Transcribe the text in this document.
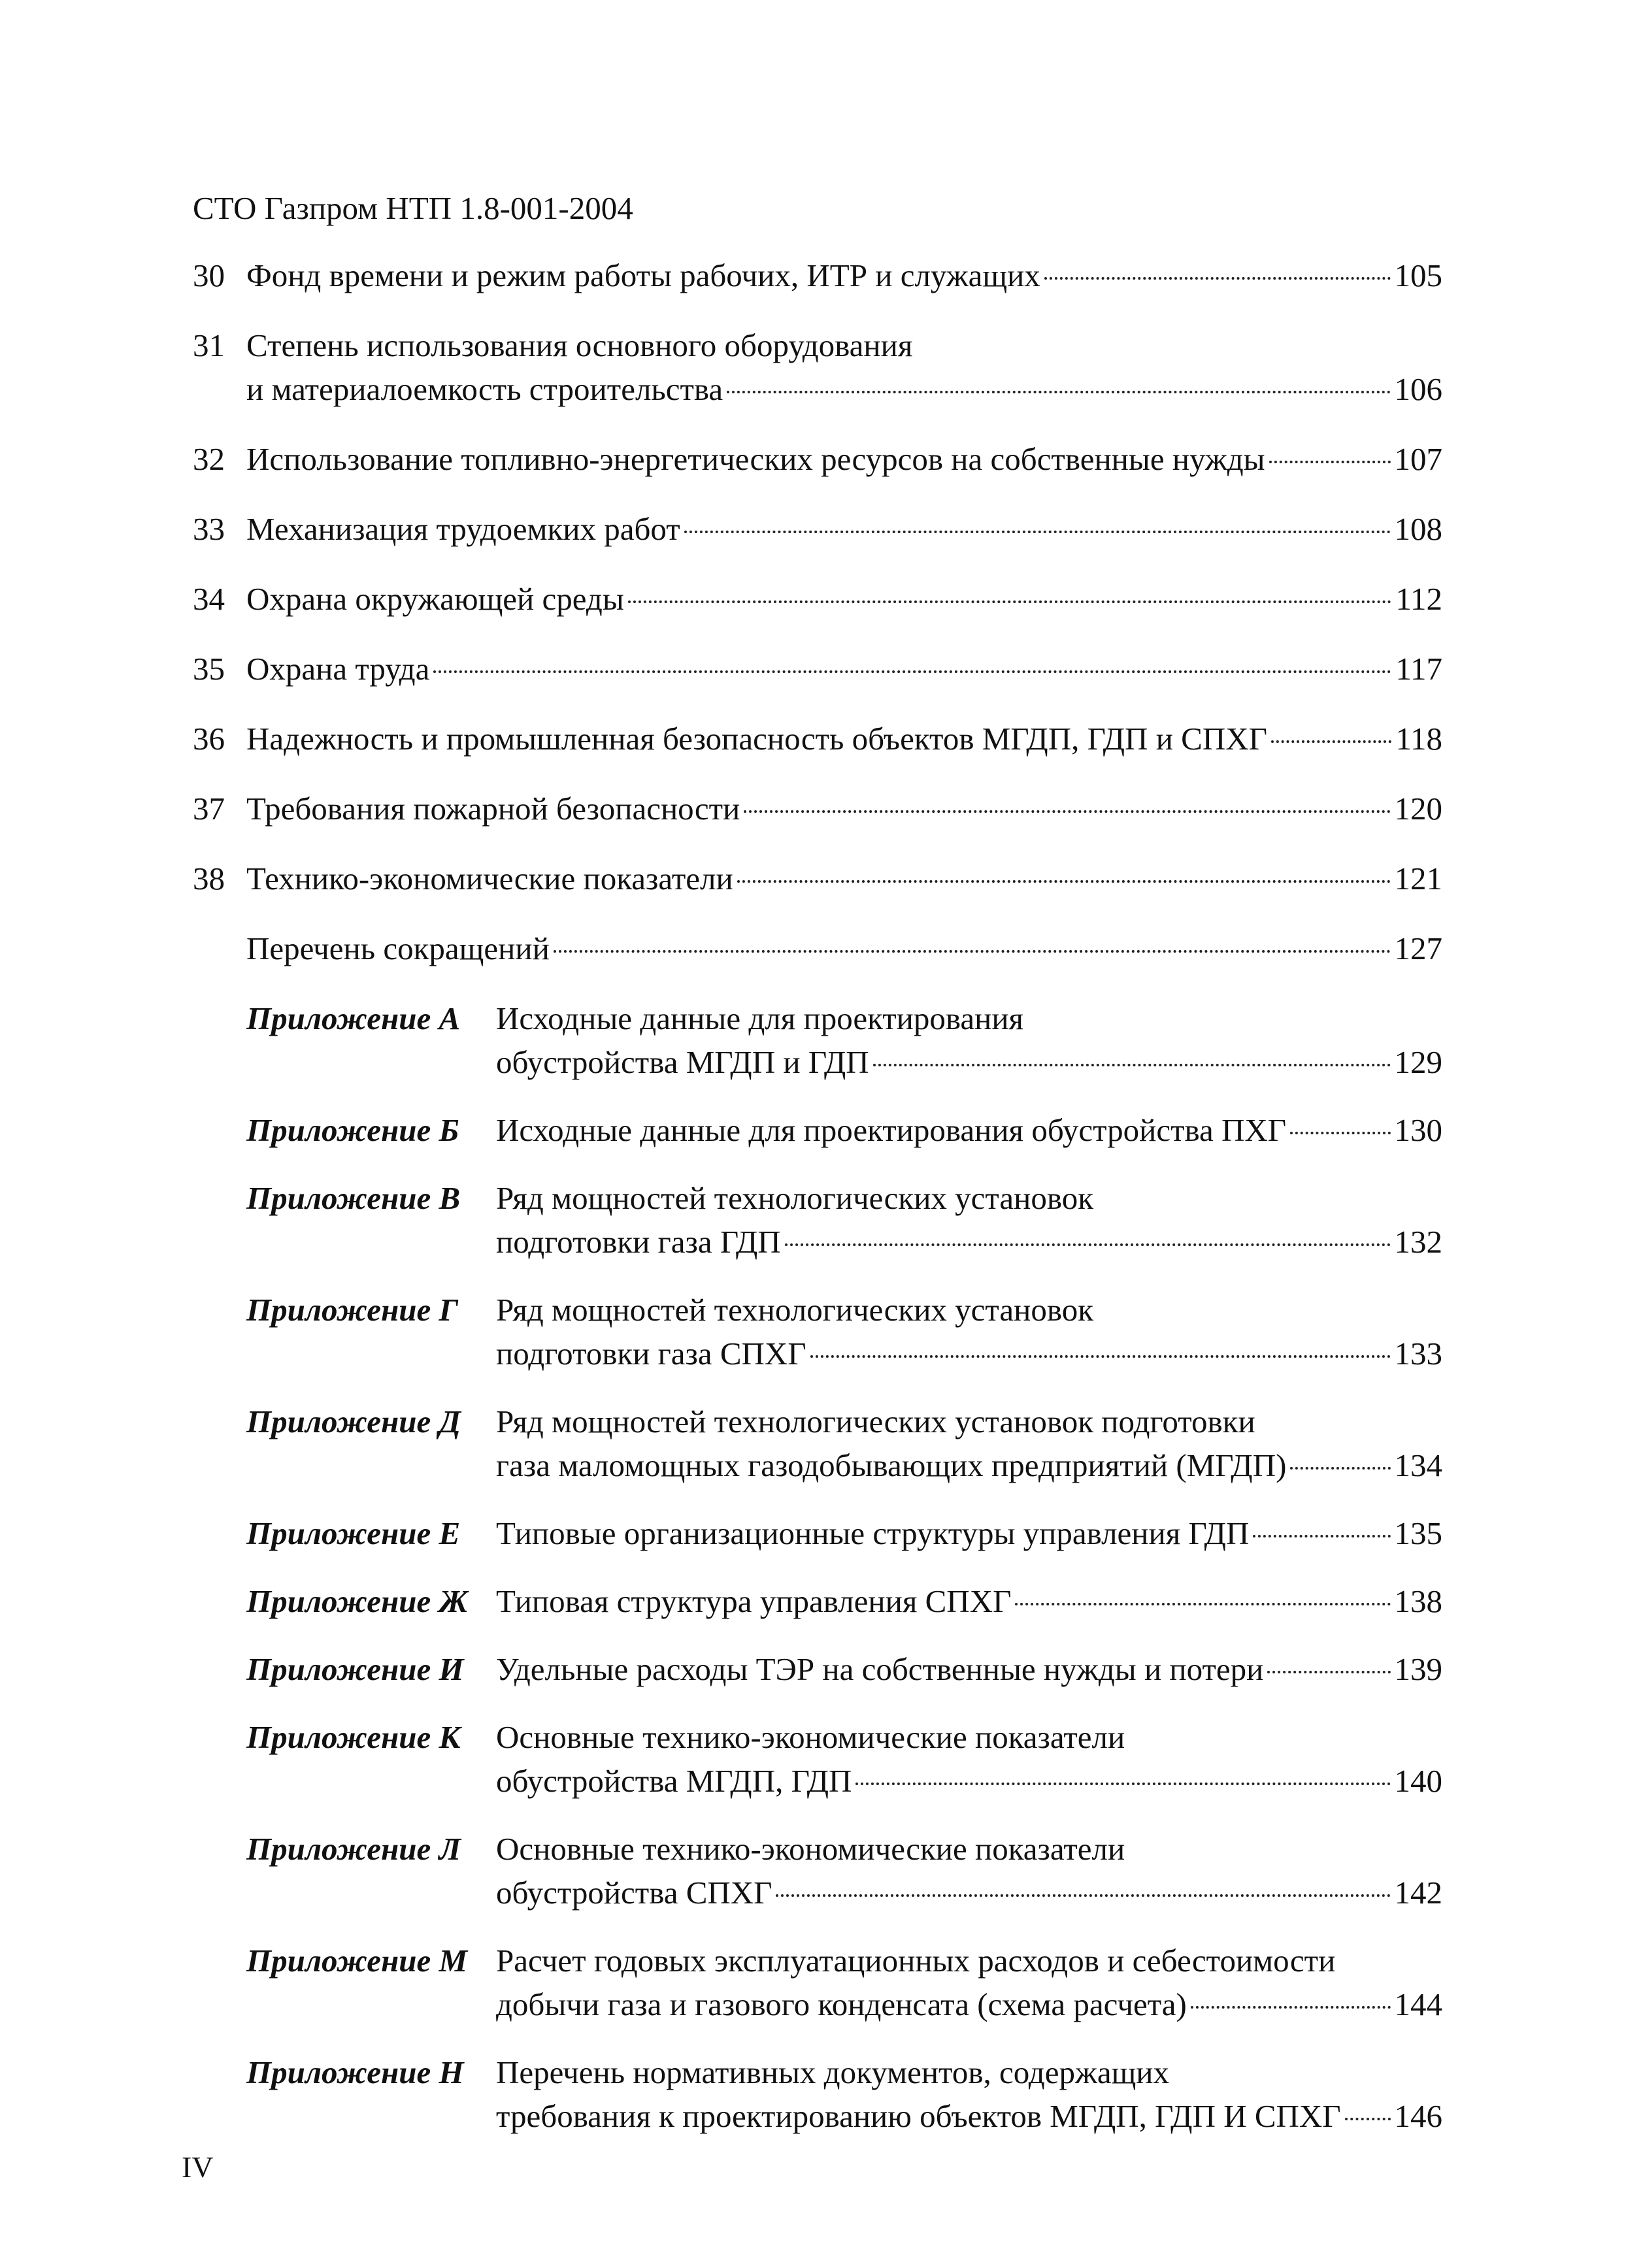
СТО Газпром НТП 1.8-001-2004
30 Фонд времени и режим работы рабочих, ИТР и служащих	105
31 Степень использования основного оборудования
и материалоемкость строительства	106
32 Использование топливно-энергетических ресурсов на собственные нужды	107
33 Механизация трудоемких работ	108
34 Охрана окружающей среды	112
35 Охрана труда	117
36 Надежность и промышленная безопасность объектов МГДП, ГДП и СПХГ	118
37 Требования пожарной безопасности	120
38 Технико-экономические показатели	121
Перечень сокращений	127
Приложение А	Исходные данные для проектирования
обустройства МГДП и ГДП	129
Приложение Б	Исходные данные для проектирования обустройства ПХГ	130
Приложение В	Ряд мощностей технологических установок
подготовки газа ГДП	132
Приложение Г	Ряд мощностей технологических установок
подготовки газа СПХГ	133
Приложение Д	Ряд мощностей технологических установок подготовки
газа маломощных газодобывающих предприятий (МГДП)	134
Приложение Е	Типовые организационные структуры управления ГДП	135
Приложение Ж Типовая структура управления СПХГ	138
Приложение И	Удельные расходы ТЭР на собственные нужды и потери	139
Приложение К	Основные технико-экономические показатели
обустройства МГДП, ГДП	140
Приложение Л	Основные технико-экономические показатели
обустройства СПХГ	142
Приложение М Расчет годовых эксплуатационных расходов и себестоимости
добычи газа и газового конденсата (схема расчета)	144
Приложение Н	Перечень нормативных документов, содержащих
требования к проектированию объектов МГДП, ГДП И СПХГ 146
IV
